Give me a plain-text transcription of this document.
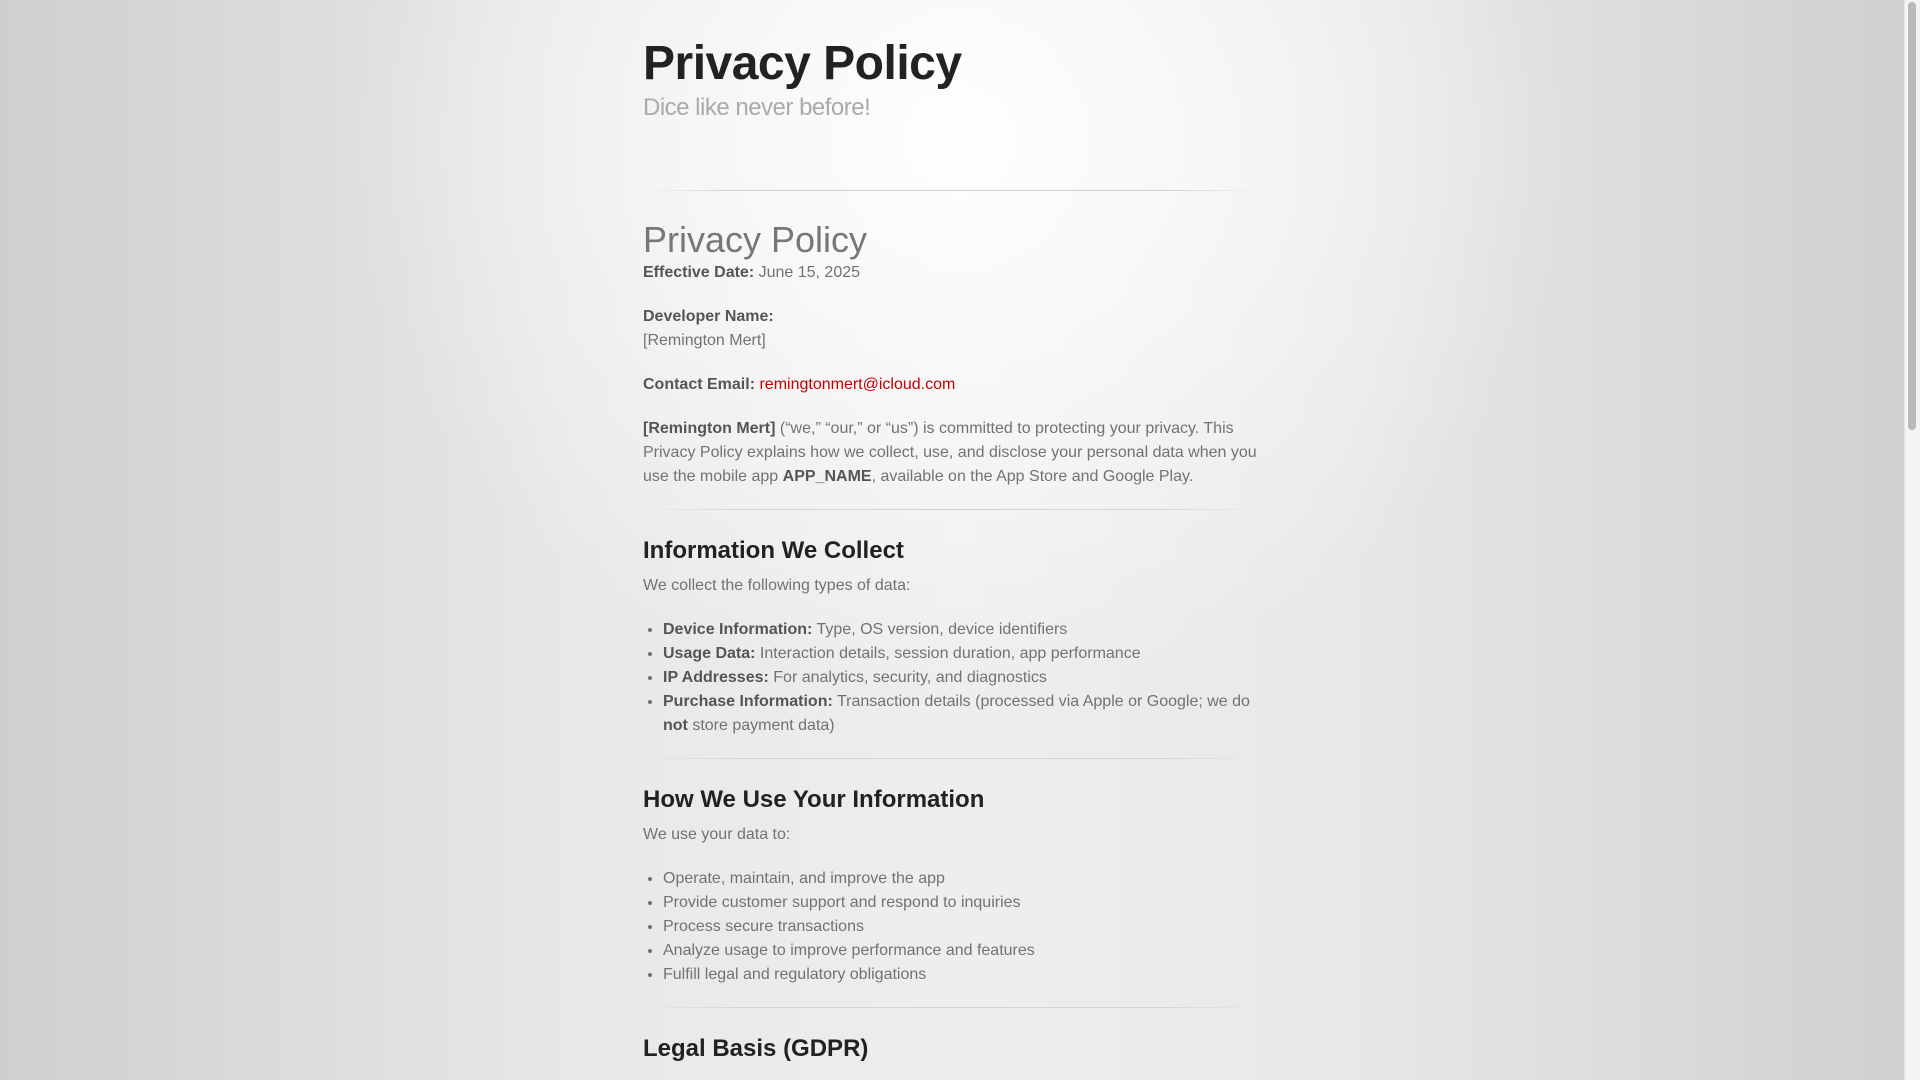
Privacy Policy
Dice like never before!
Privacy Policy

Effective Date: June 15, 2025

Developer Name:
[Remington Mert]

Contact Email: remingtonmert@icloud.com

[Remington Mert] (“we,” “our,” or “us”) is committed to protecting your privacy. This Privacy Policy explains how we collect, use, and disclose your personal data when you use the mobile app APP_NAME, available on the App Store and Google Play.

Information We Collect

We collect the following types of data:

• Device Information: Type, OS version, device identifiers
• Usage Data: Interaction details, session duration, app performance
• IP Addresses: For analytics, security, and diagnostics
• Purchase Information: Transaction details (processed via Apple or Google; we do not store payment data)
How We Use Your Information

We use your data to:

• Operate, maintain, and improve the app
• Provide customer support and respond to inquiries
• Process secure transactions
• Analyze usage to improve performance and features
• Fulfill legal and regulatory obligations
Legal Basis (GDPR)
